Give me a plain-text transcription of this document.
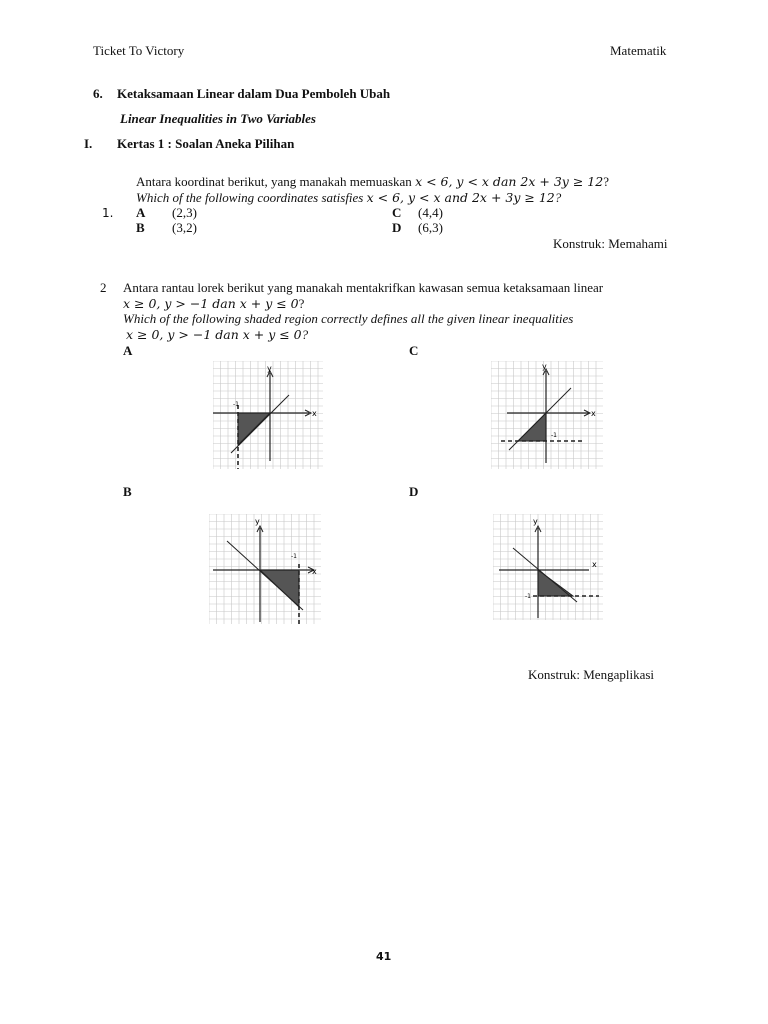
Ticket To Victory	Matematik
6. Ketaksamaan Linear dalam Dua Pemboleh Ubah
Linear Inequalities in Two Variables
I. Kertas 1 : Soalan Aneka Pilihan
Antara koordinat berikut, yang manakah memuaskan x < 6, y < x dan 2x + 3y ≥ 12?
Which of the following coordinates satisfies x < 6, y < x and 2x + 3y ≥ 12?
1. A (2,3)
B (3,2)
C (4,4)
D (6,3)
Konstruk: Memahami
2 Antara rantau lorek berikut yang manakah mentakrifkan kawasan semua ketaksamaan linear
x ≥ 0, y > −1 dan x + y ≤ 0?
Which of the following shaded region correctly defines all the given linear inequalities
x ≥ 0, y > −1 dan x + y ≤ 0?
A	C
B	D
x
y
-1
x
y
-1
x
y
-1
x
y
-1
Konstruk: Mengaplikasi
41
